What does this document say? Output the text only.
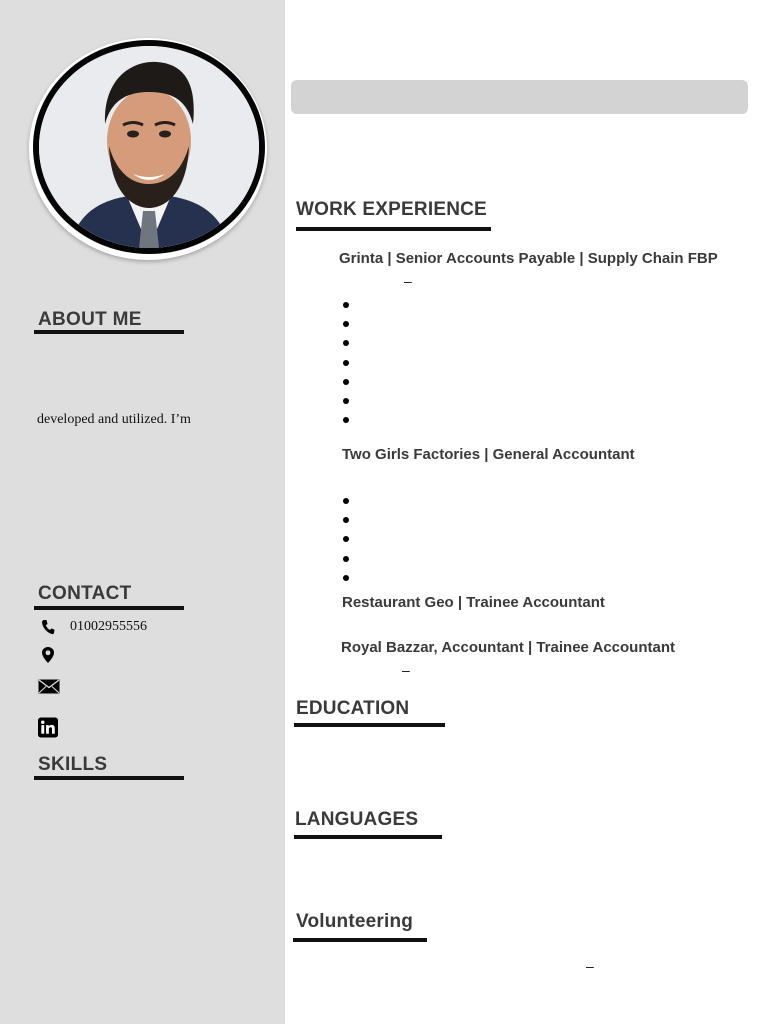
ABOUT ME
developed and utilized. I’m
CONTACT
01002955556
SKILLS
WORK EXPERIENCE
Grinta | Senior Accounts Payable | Supply Chain FBP
–
Two Girls Factories | General Accountant
Restaurant Geo | Trainee Accountant
Royal Bazzar, Accountant | Trainee Accountant
–
EDUCATION
LANGUAGES
Volunteering
–
